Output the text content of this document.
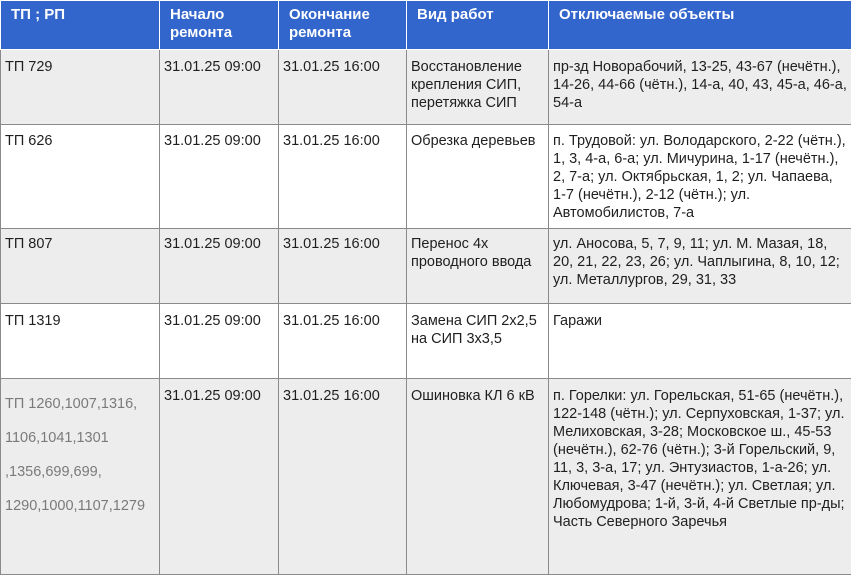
ТП ; РП	Начало ремонта	Окончание ремонта	Вид работ	Отключаемые объекты
ТП 729	31.01.25 09:00	31.01.25 16:00	Восстановление крепления СИП, перетяжка СИП	пр-зд Новорабочий, 13-25, 43-67 (нечётн.), 14-26, 44-66 (чётн.), 14-а, 40, 43, 45-а, 46-а, 54-а
ТП 626	31.01.25 09:00	31.01.25 16:00	Обрезка деревьев	п. Трудовой: ул. Володарского, 2-22 (чётн.), 1, 3, 4-а, 6-а; ул. Мичурина, 1-17 (нечётн.), 2, 7-а; ул. Октябрьская, 1, 2; ул. Чапаева, 1-7 (нечётн.), 2-12 (чётн.); ул. Автомобилистов, 7-а
ТП 807	31.01.25 09:00	31.01.25 16:00	Перенос 4х проводного ввода	ул. Аносова, 5, 7, 9, 11; ул. М. Мазая, 18, 20, 21, 22, 23, 26; ул. Чаплыгина, 8, 10, 12; ул. Металлургов, 29, 31, 33
ТП 1319	31.01.25 09:00	31.01.25 16:00	Замена СИП 2х2,5 на СИП 3х3,5	Гаражи
ТП 1260,1007,1316, 1106,1041,1301 ,1356,699,699, 1290,1000,1107,1279	31.01.25 09:00	31.01.25 16:00	Ошиновка КЛ 6 кВ	п. Горелки: ул. Горельская, 51-65 (нечётн.), 122-148 (чётн.); ул. Серпуховская, 1-37; ул. Мелиховская, 3-28; Московское ш., 45-53 (нечётн.), 62-76 (чётн.); 3-й Горельский, 9, 11, 3, 3-а, 17; ул. Энтузиастов, 1-а-26; ул. Ключевая, 3-47 (нечётн.); ул. Светлая; ул. Любомудрова; 1-й, 3-й, 4-й Светлые пр-ды; Часть Северного Заречья
